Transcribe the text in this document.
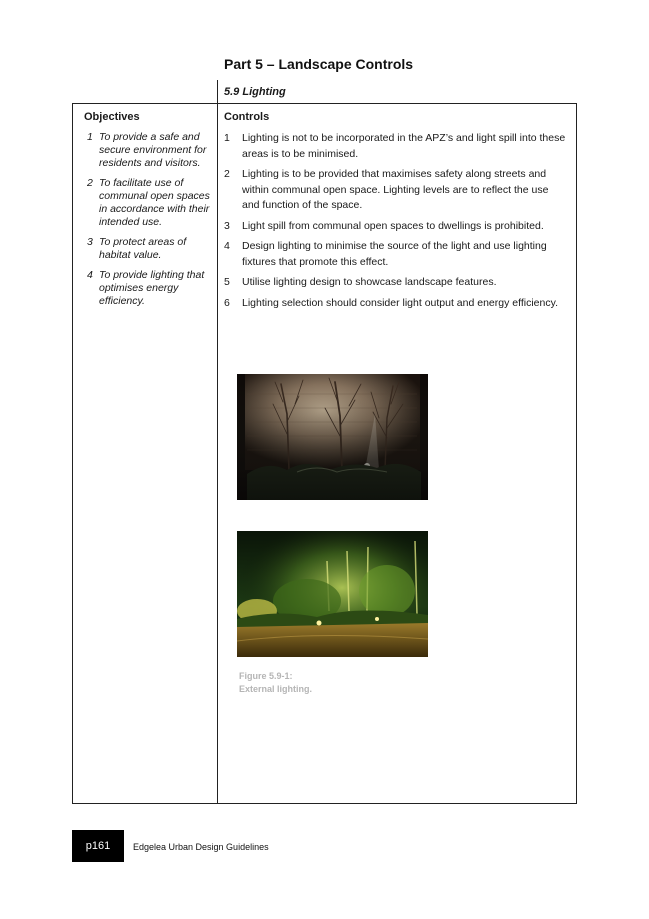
Part 5 – Landscape Controls
5.9 Lighting
Objectives	Controls
1 To provide a safe and secure environment for residents and visitors.
2 To facilitate use of communal open spaces in accordance with their intended use.
3 To protect areas of habitat value.
4 To provide lighting that optimises energy efficiency.
1 Lighting is not to be incorporated in the APZ’s and light spill into these areas is to be minimised.
2 Lighting is to be provided that maximises safety along streets and within communal open space. Lighting levels are to reflect the use and function of the space.
3 Light spill from communal open spaces to dwellings is prohibited.
4 Design lighting to minimise the source of the light and use lighting fixtures that promote this effect.
5 Utilise lighting design to showcase landscape features.
6 Lighting selection should consider light output and energy efficiency.
Figure 5.9-1:
External lighting.
p161	Edgelea Urban Design Guidelines
